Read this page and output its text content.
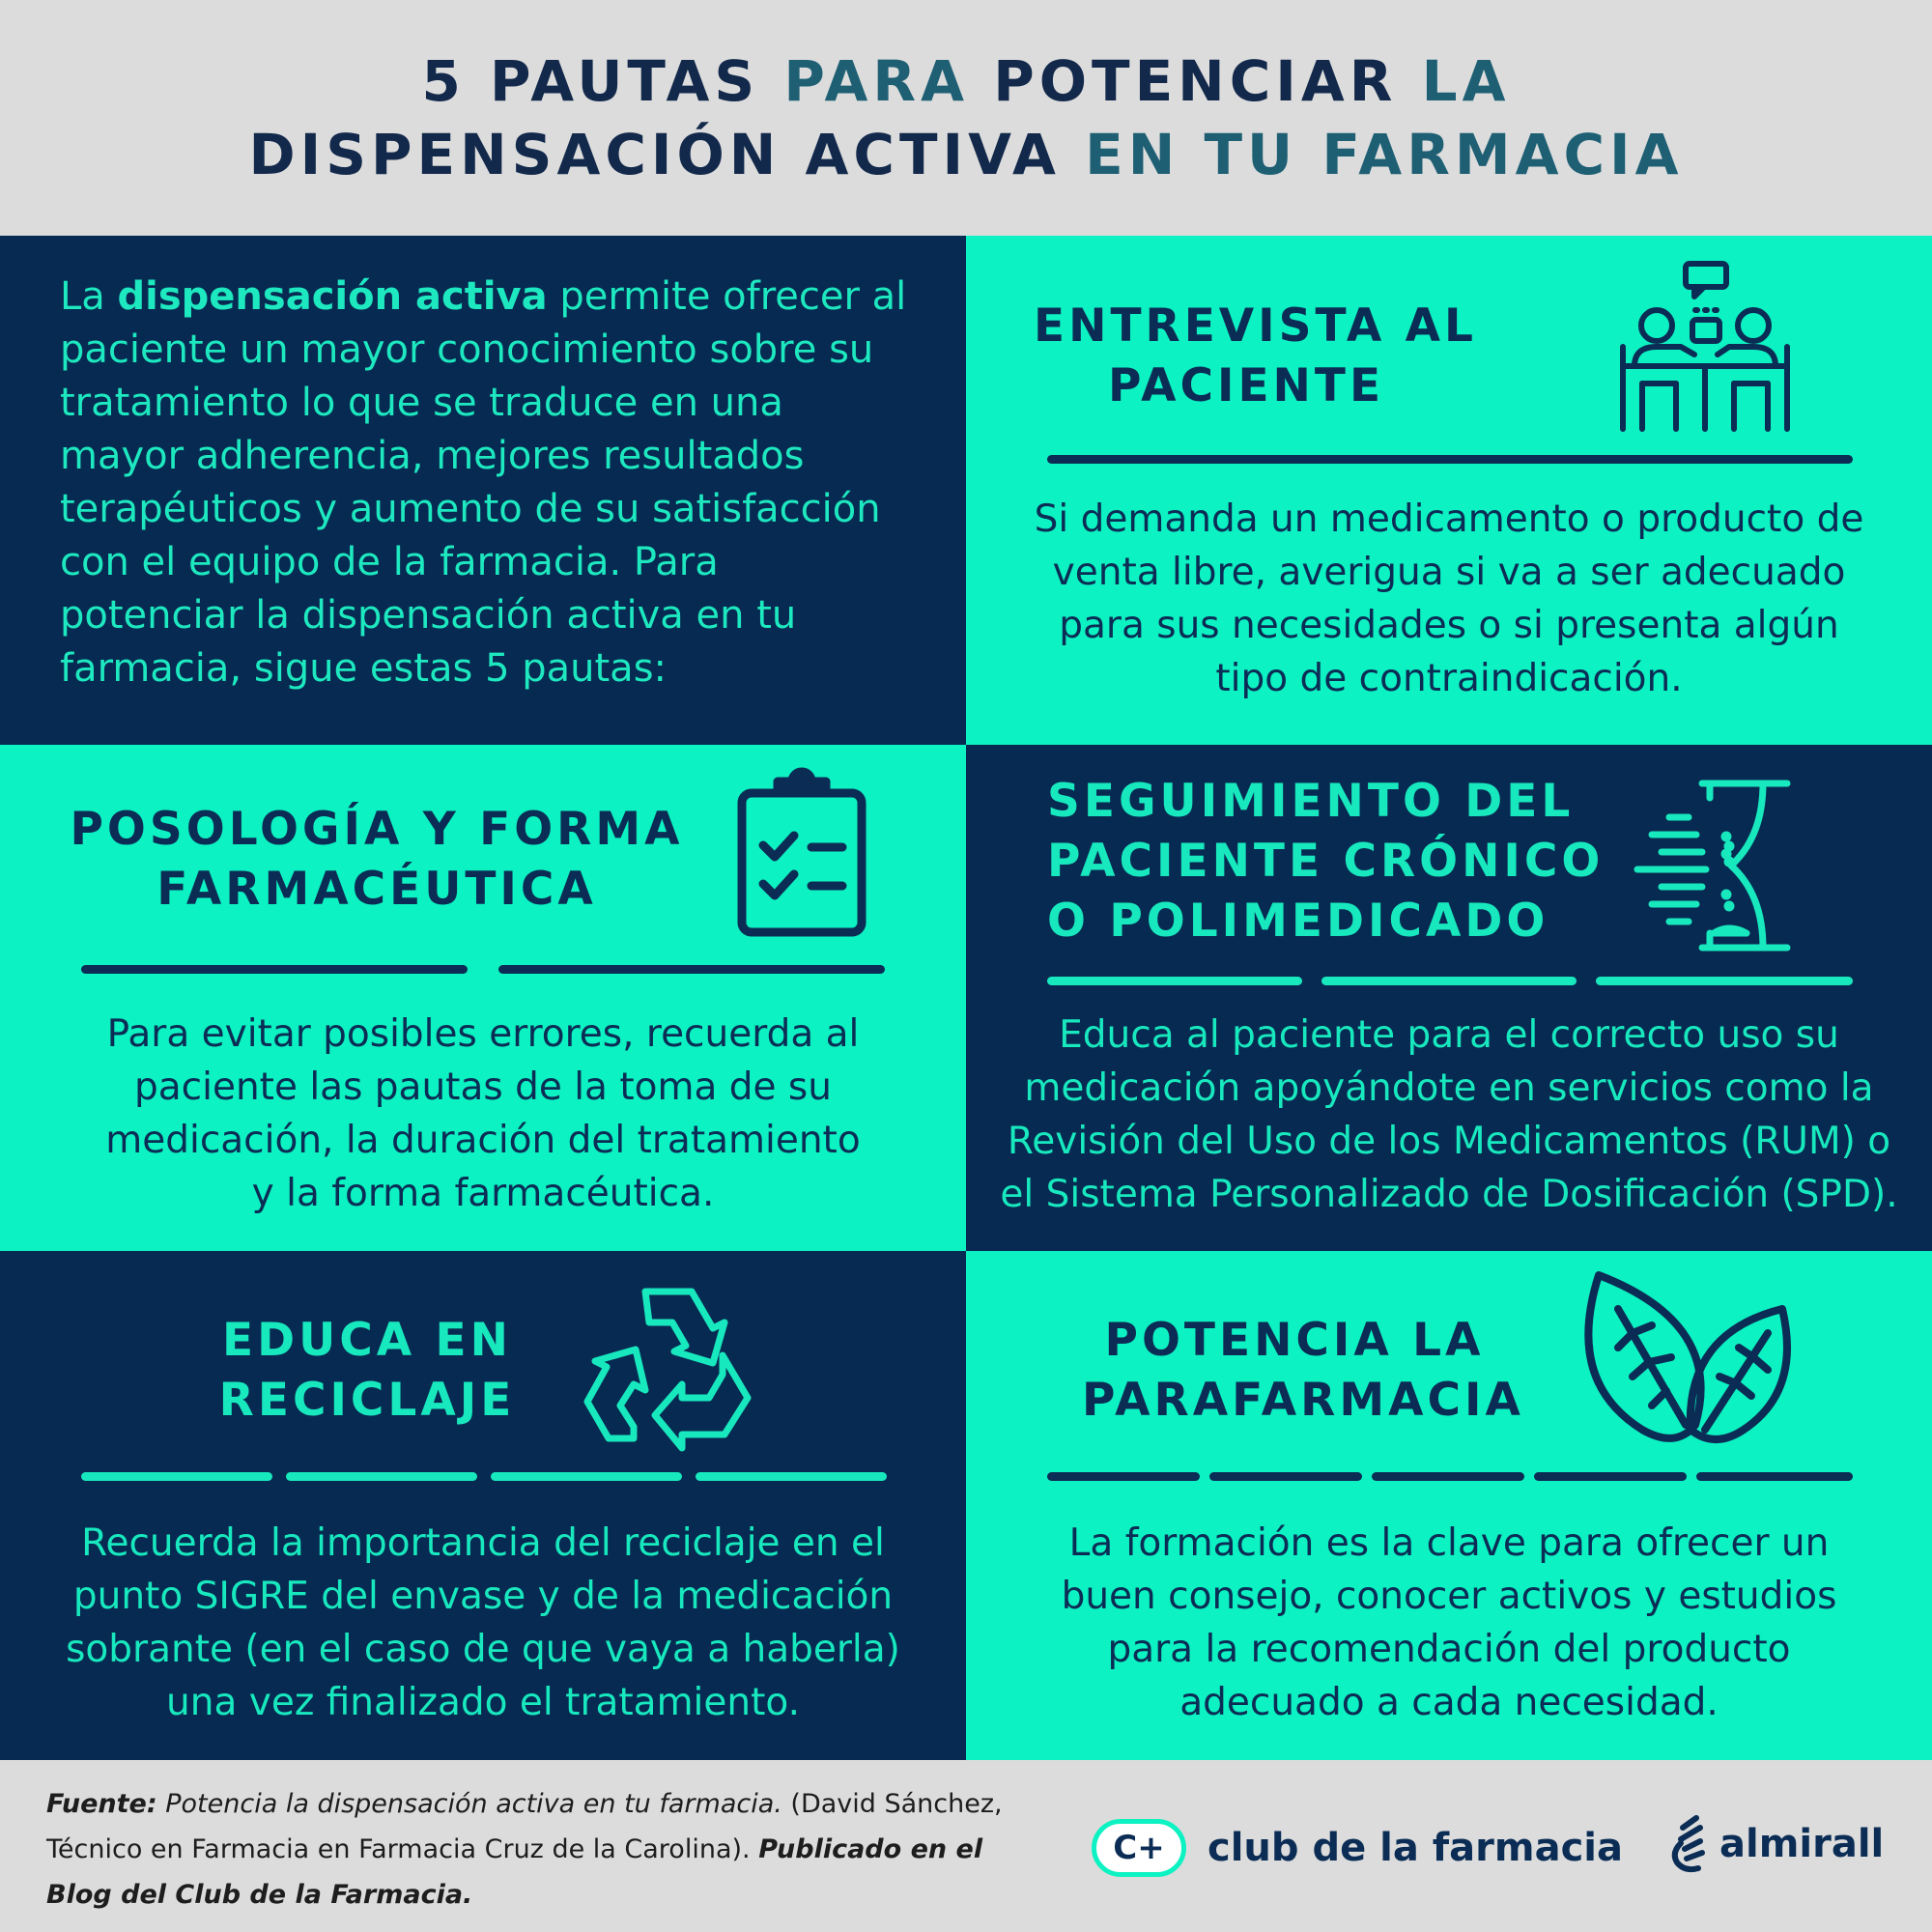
5 PAUTAS PARA POTENCIAR LA
DISPENSACIÓN ACTIVA EN TU FARMACIA
La dispensación activa permite ofrecer al paciente un mayor conocimiento sobre su tratamiento lo que se traduce en una mayor adherencia, mejores resultados terapéuticos y aumento de su satisfacción con el equipo de la farmacia. Para potenciar la dispensación activa en tu farmacia, sigue estas 5 pautas:
ENTREVISTA AL
PACIENTE
Si demanda un medicamento o producto de
venta libre, averigua si va a ser adecuado
para sus necesidades o si presenta algún
tipo de contraindicación.
POSOLOGÍA Y FORMA
FARMACÉUTICA
Para evitar posibles errores, recuerda al
paciente las pautas de la toma de su
medicación, la duración del tratamiento
y la forma farmacéutica.
SEGUIMIENTO DEL
PACIENTE CRÓNICO
O POLIMEDICADO
Educa al paciente para el correcto uso su
medicación apoyándote en servicios como la
Revisión del Uso de los Medicamentos (RUM) o
el Sistema Personalizado de Dosificación (SPD).
EDUCA EN
RECICLAJE
Recuerda la importancia del reciclaje en el
punto SIGRE del envase y de la medicación
sobrante (en el caso de que vaya a haberla)
una vez finalizado el tratamiento.
POTENCIA LA
PARAFARMACIA
La formación es la clave para ofrecer un
buen consejo, conocer activos y estudios
para la recomendación del producto
adecuado a cada necesidad.
Fuente: Potencia la dispensación activa en tu farmacia. (David Sánchez, Técnico en Farmacia en Farmacia Cruz de la Carolina). Publicado en el Blog del Club de la Farmacia.
C+ club de la farmacia	almirall
